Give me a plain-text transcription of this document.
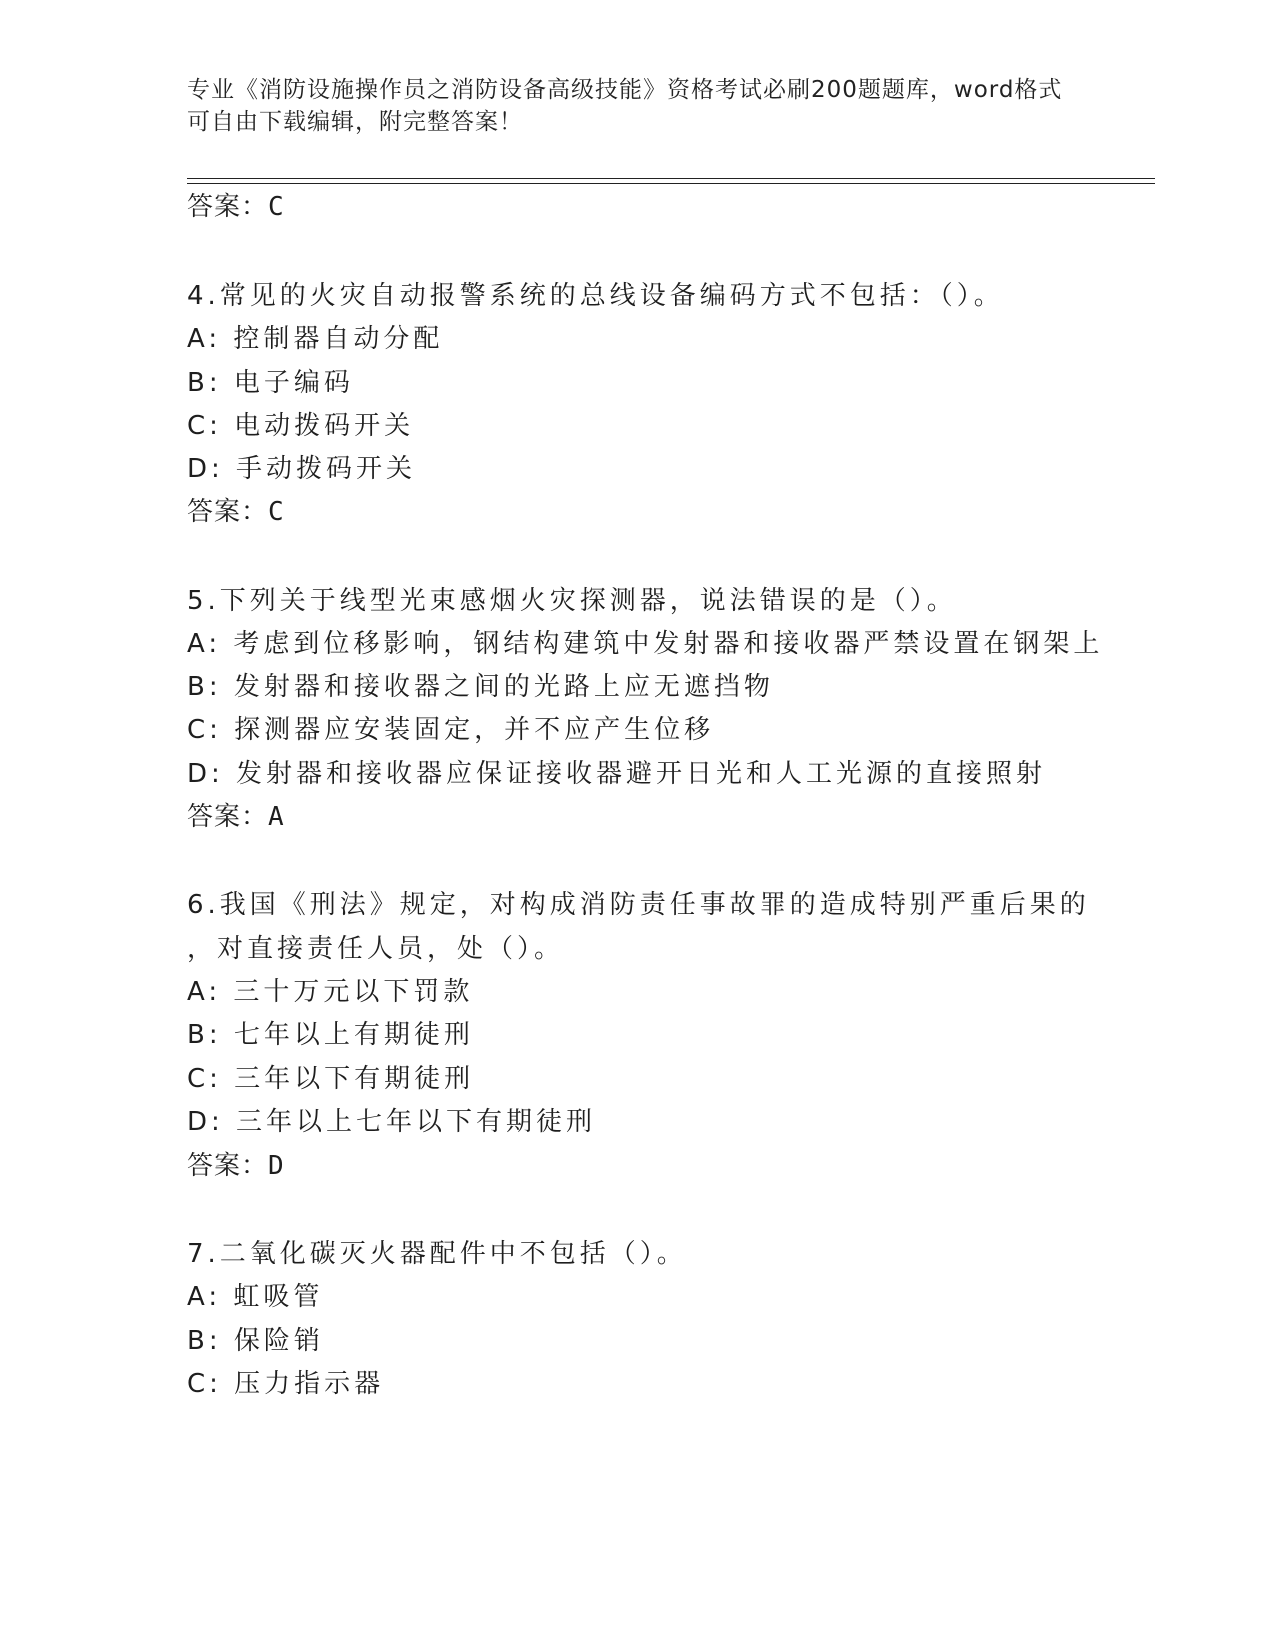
专业《消防设施操作员之消防设备高级技能》资格考试必刷200题题库，word格式可自由下载编辑，附完整答案！
答案：C
4.常见的火灾自动报警系统的总线设备编码方式不包括：（）。
A: 控制器自动分配
B: 电子编码
C: 电动拨码开关
D: 手动拨码开关
答案：C
5.下列关于线型光束感烟火灾探测器，说法错误的是（）。
A: 考虑到位移影响，钢结构建筑中发射器和接收器严禁设置在钢架上
B: 发射器和接收器之间的光路上应无遮挡物
C: 探测器应安装固定，并不应产生位移
D: 发射器和接收器应保证接收器避开日光和人工光源的直接照射
答案：A
6.我国《刑法》规定，对构成消防责任事故罪的造成特别严重后果的
，对直接责任人员，处（）。
A: 三十万元以下罚款
B: 七年以上有期徒刑
C: 三年以下有期徒刑
D: 三年以上七年以下有期徒刑
答案：D
7.二氧化碳灭火器配件中不包括（）。
A: 虹吸管
B: 保险销
C: 压力指示器
